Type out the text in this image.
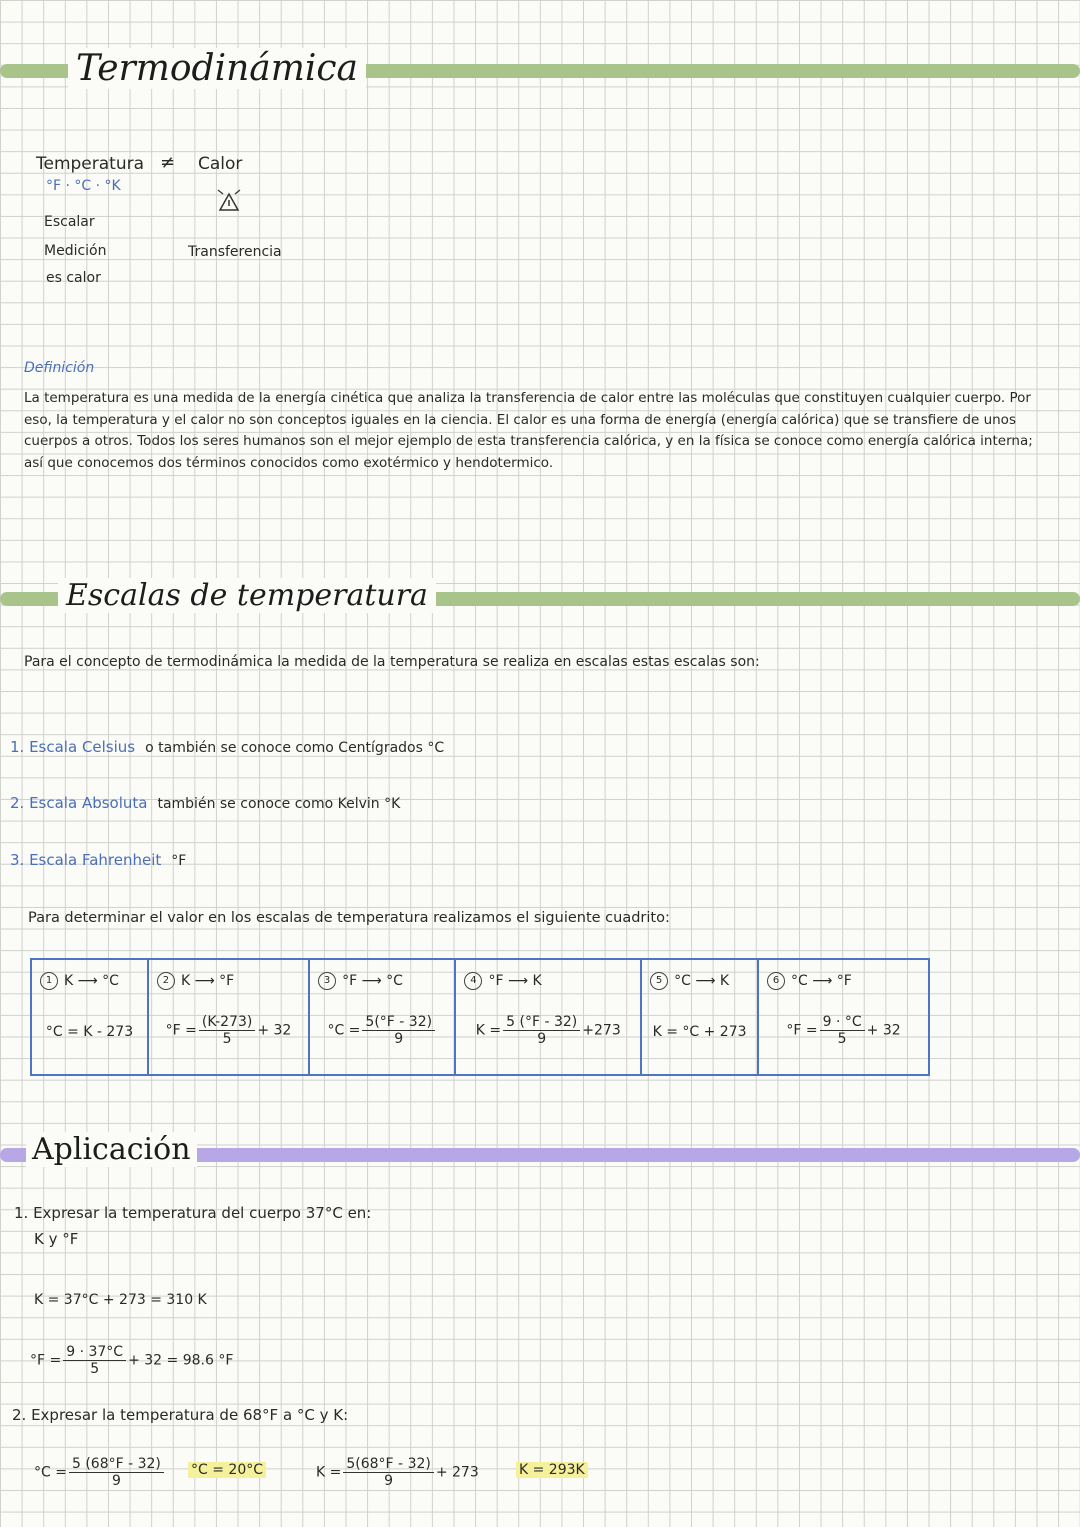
Termodinámica
Temperatura ≠ Calor
°F · °C · °K
Escalar
Medición
es calor
Transferencia
Definición
La temperatura es una medida de la energía cinética que analiza la transferencia de calor entre las moléculas que constituyen cualquier cuerpo. Por eso, la temperatura y el calor no son conceptos iguales en la ciencia. El calor es una forma de energía (energía calórica) que se transfiere de unos cuerpos a otros. Todos los seres humanos son el mejor ejemplo de esta transferencia calórica, y en la física se conoce como energía calórica interna; así que conocemos dos términos conocidos como exotérmico y hendotermico.
Escalas de temperatura
Para el concepto de termodinámica la medida de la temperatura se realiza en escalas estas escalas son:
1. Escala Celsius o también se conoce como Centígrados °C
2. Escala Absoluta también se conoce como Kelvin °K
3. Escala Fahrenheit °F
Para determinar el valor en los escalas de temperatura realizamos el siguiente cuadrito:
1 K ⟶ °C
°C = K - 273

2 K ⟶ °F
$^\circ F = \frac{(K-273)}{5} + 32$

3 °F ⟶ °C
$^\circ C = \frac{5(^\circ F - 32)}{9}$

4 °F ⟶ K
$K = \frac{5 (^\circ F - 32)}{9} +273$

5 °C ⟶ K
K = °C + 273

6 °C ⟶ °F
$^\circ F = \frac{9 \cdot ^\circ C}{5} + 32$
Aplicación
1. Expresar la temperatura del cuerpo 37°C en:
K y °F
K = 37°C + 273 = 310 K
$^\circ F = \frac{9 \cdot 37^\circ C}{5} + 32 = 98.6$ °F
2. Expresar la temperatura de 68°F a °C y K:
$^\circ C = \frac{5 (68^\circ F - 32)}{9} ^\circ C = 20^\circ C$	$K = \frac{5(68^\circ F - 32)}{9} + 273$	K = 293K
